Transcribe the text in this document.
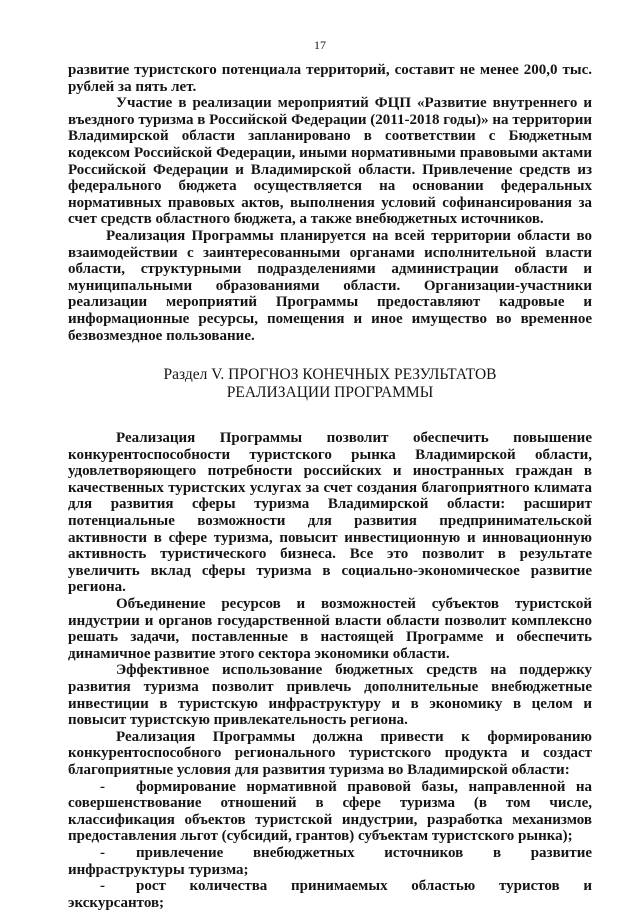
17

развитие туристского потенциала территорий, составит не менее 200,0 тыс. рублей за пять лет.

Участие в реализации мероприятий ФЦП «Развитие внутреннего и въездного туризма в Российской Федерации (2011-2018 годы)» на территории Владимирской области запланировано в соответствии с Бюджетным кодексом Российской Федерации, иными нормативными правовыми актами Российской Федерации и Владимирской области. Привлечение средств из федерального бюджета осуществляется на основании федеральных нормативных правовых актов, выполнения условий софинансирования за счет средств областного бюджета, а также внебюджетных источников.

Реализация Программы планируется на всей территории области во взаимодействии с заинтересованными органами исполнительной власти области, структурными подразделениями администрации области и муниципальными образованиями области. Организации-участники реализации мероприятий Программы предоставляют кадровые и информационные ресурсы, помещения и иное имущество во временное безвозмездное пользование.

Раздел V. ПРОГНОЗ КОНЕЧНЫХ РЕЗУЛЬТАТОВ

РЕАЛИЗАЦИИ ПРОГРАММЫ

Реализация Программы позволит обеспечить повышение конкурентоспособности туристского рынка Владимирской области, удовлетворяющего потребности российских и иностранных граждан в качественных туристских услугах за счет создания благоприятного климата для развития сферы туризма Владимирской области: расширит потенциальные возможности для развития предпринимательской активности в сфере туризма, повысит инвестиционную и инновационную активность туристического бизнеса. Все это позволит в результате увеличить вклад сферы туризма в социально-экономическое развитие региона.

Объединение ресурсов и возможностей субъектов туристской индустрии и органов государственной власти области позволит комплексно решать задачи, поставленные в настоящей Программе и обеспечить динамичное развитие этого сектора экономики области.

Эффективное использование бюджетных средств на поддержку развития туризма позволит привлечь дополнительные внебюджетные инвестиции в туристскую инфраструктуру и в экономику в целом и повысит туристскую привлекательность региона.

Реализация Программы должна привести к формированию конкурентоспособного регионального туристского продукта и создаст благоприятные условия для развития туризма во Владимирской области:

- формирование нормативной правовой базы, направленной на совершенствование отношений в сфере туризма (в том числе, классификация объектов туристской индустрии, разработка механизмов предоставления льгот (субсидий, грантов) субъектам туристского рынка);

- привлечение внебюджетных источников в развитие инфраструктуры туризма;

- рост количества принимаемых областью туристов и экскурсантов;
